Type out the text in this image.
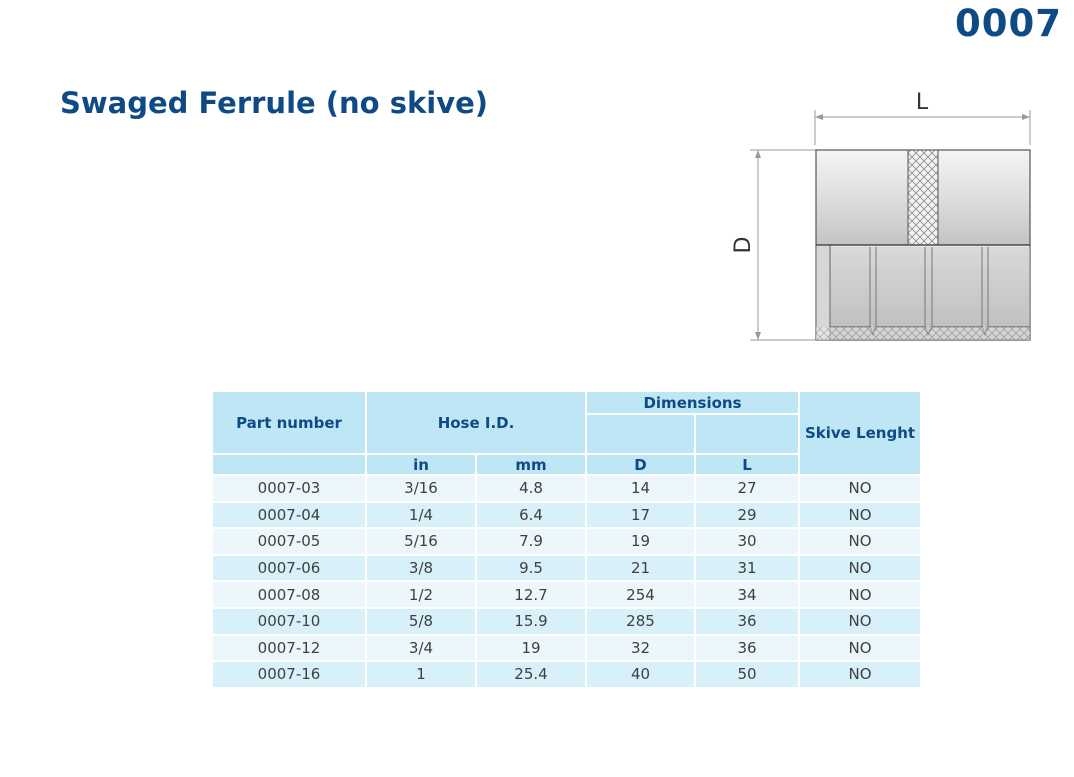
0007
Swaged Ferrule (no skive)	L
D
Part number	Hose I.D.		Dimensions		Skive Lenght

	in	mm	D	L	
0007-03	3/16	4.8	14	27	NO
0007-04	1/4	6.4	17	29	NO
0007-05	5/16	7.9	19	30	NO
0007-06	3/8	9.5	21	31	NO
0007-08	1/2	12.7	254	34	NO
0007-10	5/8	15.9	285	36	NO
0007-12	3/4	19	32	36	NO
0007-16	1	25.4	40	50	NO
